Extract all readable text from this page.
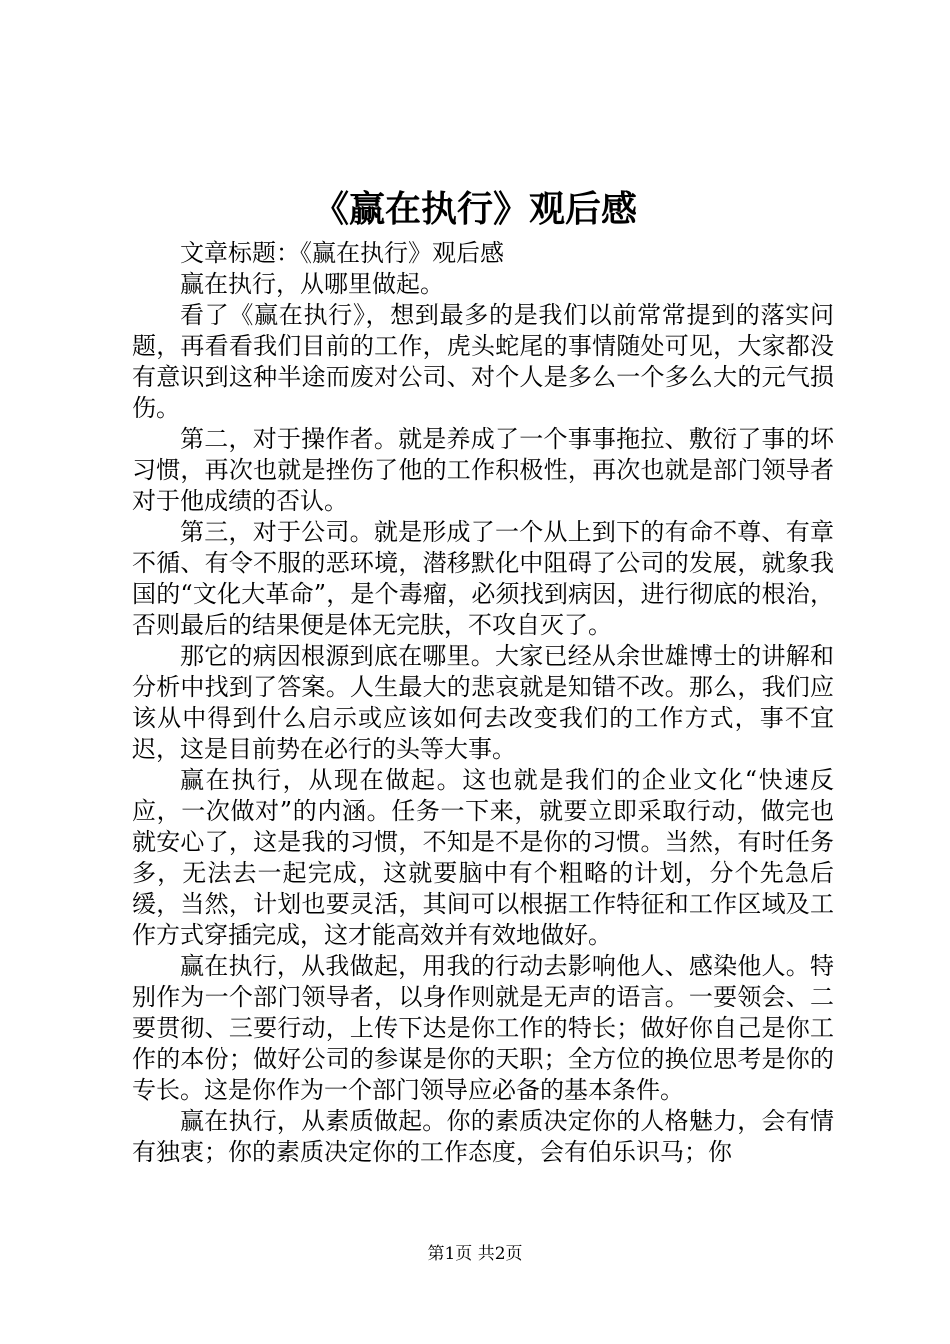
《赢在执行》观后感

文章标题：《赢在执行》观后感

赢在执行，从哪里做起。

看了《赢在执行》，想到最多的是我们以前常常提到的落实问题，再看看我们目前的工作，虎头蛇尾的事情随处可见，大家都没有意识到这种半途而废对公司、对个人是多么一个多么大的元气损伤。

第二，对于操作者。就是养成了一个事事拖拉、敷衍了事的坏习惯，再次也就是挫伤了他的工作积极性，再次也就是部门领导者对于他成绩的否认。

第三，对于公司。就是形成了一个从上到下的有命不尊、有章不循、有令不服的恶环境，潜移默化中阻碍了公司的发展，就象我国的“文化大革命”，是个毒瘤，必须找到病因，进行彻底的根治，否则最后的结果便是体无完肤，不攻自灭了。

那它的病因根源到底在哪里。大家已经从余世雄博士的讲解和分析中找到了答案。人生最大的悲哀就是知错不改。那么，我们应该从中得到什么启示或应该如何去改变我们的工作方式，事不宜迟，这是目前势在必行的头等大事。

赢在执行，从现在做起。这也就是我们的企业文化“快速反应，一次做对”的内涵。任务一下来，就要立即采取行动，做完也就安心了，这是我的习惯，不知是不是你的习惯。当然，有时任务多，无法去一起完成，这就要脑中有个粗略的计划，分个先急后缓，当然，计划也要灵活，其间可以根据工作特征和工作区域及工作方式穿插完成，这才能高效并有效地做好。

赢在执行，从我做起，用我的行动去影响他人、感染他人。特别作为一个部门领导者，以身作则就是无声的语言。一要领会、二要贯彻、三要行动，上传下达是你工作的特长；做好你自己是你工作的本份；做好公司的参谋是你的天职；全方位的换位思考是你的专长。这是你作为一个部门领导应必备的基本条件。

赢在执行，从素质做起。你的素质决定你的人格魅力，会有情有独衷；你的素质决定你的工作态度，会有伯乐识马；你

第1页 共2页
